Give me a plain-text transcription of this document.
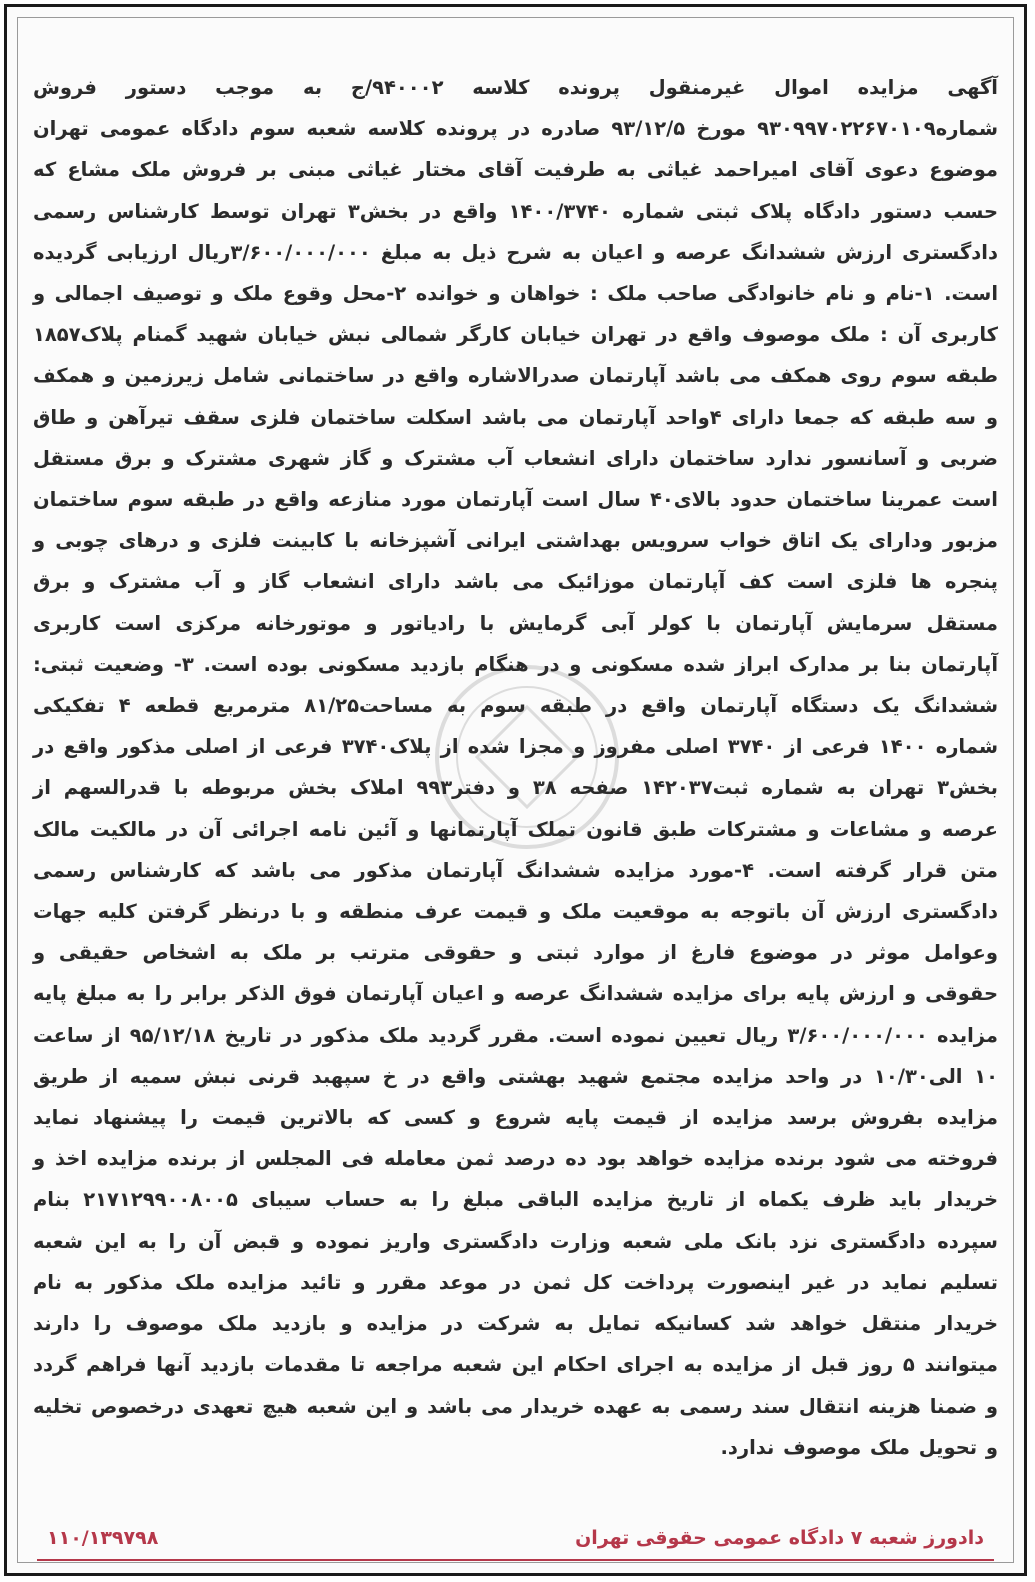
آگهی مزایده اموال غیرمنقول پرونده کلاسه ۹۴۰۰۰۲/ج به موجب دستور فروش شماره۹۳۰۹۹۷۰۲۲۶۷۰۱۰۹ مورخ ۹۳/۱۲/۵ صادره در پرونده کلاسه شعبه سوم دادگاه عمومی تهران موضوع دعوی آقای امیراحمد غیاثی به طرفیت آقای مختار غیاثی مبنی بر فروش ملک مشاع که حسب دستور دادگاه پلاک ثبتی شماره ۱۴۰۰/۳۷۴۰ واقع در بخش۳ تهران توسط کارشناس رسمی دادگستری ارزش ششدانگ عرصه و اعیان به شرح ذیل به مبلغ ۳/۶۰۰/۰۰۰/۰۰۰ریال ارزیابی گردیده است. ۱-نام و نام خانوادگی صاحب ملک : خواهان و خوانده ۲-محل وقوع ملک و توصیف اجمالی و کاربری آن : ملک موصوف واقع در تهران خیابان کارگر شمالی نبش خیابان شهید گمنام پلاک۱۸۵۷ طبقه سوم روی همکف می باشد آپارتمان صدرالاشاره واقع در ساختمانی شامل زیرزمین و همکف و سه طبقه که جمعا دارای ۴واحد آپارتمان می باشد اسکلت ساختمان فلزی سقف تیرآهن و طاق ضربی و آسانسور ندارد ساختمان دارای انشعاب آب مشترک و گاز شهری مشترک و برق مستقل است عمرینا ساختمان حدود بالای۴۰ سال است آپارتمان مورد منازعه واقع در طبقه سوم ساختمان مزبور ودارای یک اتاق خواب سرویس بهداشتی ایرانی آشپزخانه با کابینت فلزی و درهای چوبی و پنجره ها فلزی است کف آپارتمان موزائیک می باشد دارای انشعاب گاز و آب مشترک و برق مستقل سرمایش آپارتمان با کولر آبی گرمایش با رادیاتور و موتورخانه مرکزی است کاربری آپارتمان بنا بر مدارک ابراز شده مسکونی و در هنگام بازدید مسکونی بوده است. ۳- وضعیت ثبتی: ششدانگ یک دستگاه آپارتمان واقع در طبقه سوم به مساحت۸۱/۲۵ مترمربع قطعه ۴ تفکیکی شماره ۱۴۰۰ فرعی از ۳۷۴۰ اصلی مفروز و مجزا شده از پلاک۳۷۴۰ فرعی از اصلی مذکور واقع در بخش۳ تهران به شماره ثبت۱۴۲۰۳۷ صفحه ۳۸ و دفتر۹۹۳ املاک بخش مربوطه با قدرالسهم از عرصه و مشاعات و مشترکات طبق قانون تملک آپارتمانها و آئین نامه اجرائی آن در مالکیت مالک متن قرار گرفته است. ۴-مورد مزایده ششدانگ آپارتمان مذکور می باشد که کارشناس رسمی دادگستری ارزش آن باتوجه به موقعیت ملک و قیمت عرف منطقه و با درنظر گرفتن کلیه جهات وعوامل موثر در موضوع فارغ از موارد ثبتی و حقوقی مترتب بر ملک به اشخاص حقیقی و حقوقی و ارزش پایه برای مزایده ششدانگ عرصه و اعیان آپارتمان فوق الذکر برابر را به مبلغ پایه مزایده ۳/۶۰۰/۰۰۰/۰۰۰ ریال تعیین نموده است. مقرر گردید ملک مذکور در تاریخ ۹۵/۱۲/۱۸ از ساعت ۱۰ الی۱۰/۳۰ در واحد مزایده مجتمع شهید بهشتی واقع در خ سپهبد قرنی نبش سمیه از طریق مزایده بفروش برسد مزایده از قیمت پایه شروع و کسی که بالاترین قیمت را پیشنهاد نماید فروخته می شود برنده مزایده خواهد بود ده درصد ثمن معامله فی المجلس از برنده مزایده اخذ و خریدار باید ظرف یکماه از تاریخ مزایده الباقی مبلغ را به حساب سیبای ۲۱۷۱۲۹۹۰۰۸۰۰۵ بنام سپرده دادگستری نزد بانک ملی شعبه وزارت دادگستری واریز نموده و قبض آن را به این شعبه تسلیم نماید در غیر اینصورت پرداخت کل ثمن در موعد مقرر و تائید مزایده ملک مذکور به نام خریدار منتقل خواهد شد کسانیکه تمایل به شرکت در مزایده و بازدید ملک موصوف را دارند میتوانند ۵ روز قبل از مزایده به اجرای احکام این شعبه مراجعه تا مقدمات بازدید آنها فراهم گردد و ضمنا هزینه انتقال سند رسمی به عهده خریدار می باشد و این شعبه هیچ تعهدی درخصوص تخلیه و تحویل ملک موصوف ندارد.
دادورز شعبه ۷ دادگاه عمومی حقوقی تهران
۱۱۰/۱۳۹۷۹۸
